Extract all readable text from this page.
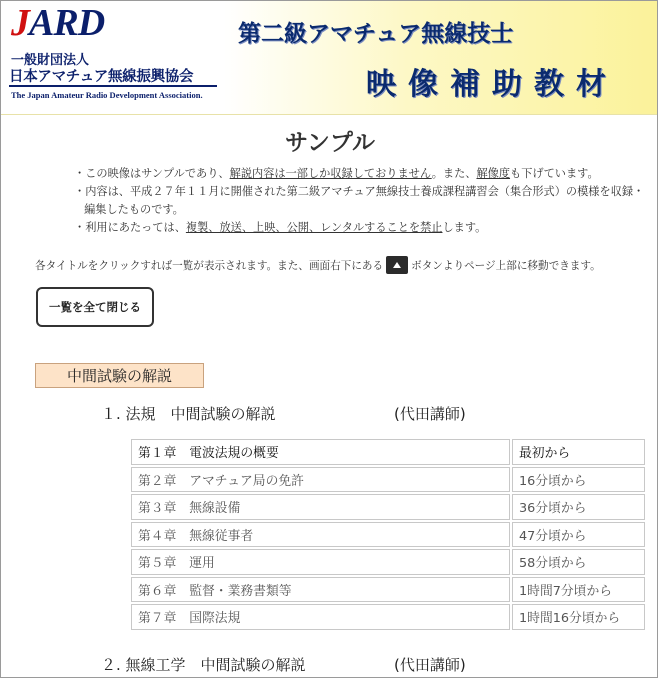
JARD
一般財団法人
日本アマチュア無線振興協会
The Japan Amateur Radio Development Association.
第二級アマチュア無線技士
映像補助教材
サンプル
・この映像はサンプルであり、解説内容は一部しか収録しておりません。また、解像度も下げています。
・内容は、平成２７年１１月に開催された第二級アマチュア無線技士養成課程講習会（集合形式）の模様を収録・編集したものです。
・利用にあたっては、複製、放送、上映、公開、レンタルすることを禁止します。
各タイトルをクリックすれば一覧が表示されます。また、画面右下にある	ボタンよりページ上部に移動できます。
一覧を全て閉じる
中間試験の解説
１. 法規　中間試験の解説	(代田講師)
第１章　電波法規の概要	最初から
第２章　アマチュア局の免許	16分頃から
第３章　無線設備	36分頃から
第４章　無線従事者	47分頃から
第５章　運用	58分頃から
第６章　監督・業務書類等	1時間7分頃から
第７章　国際法規	1時間16分頃から
２. 無線工学　中間試験の解説	(代田講師)
